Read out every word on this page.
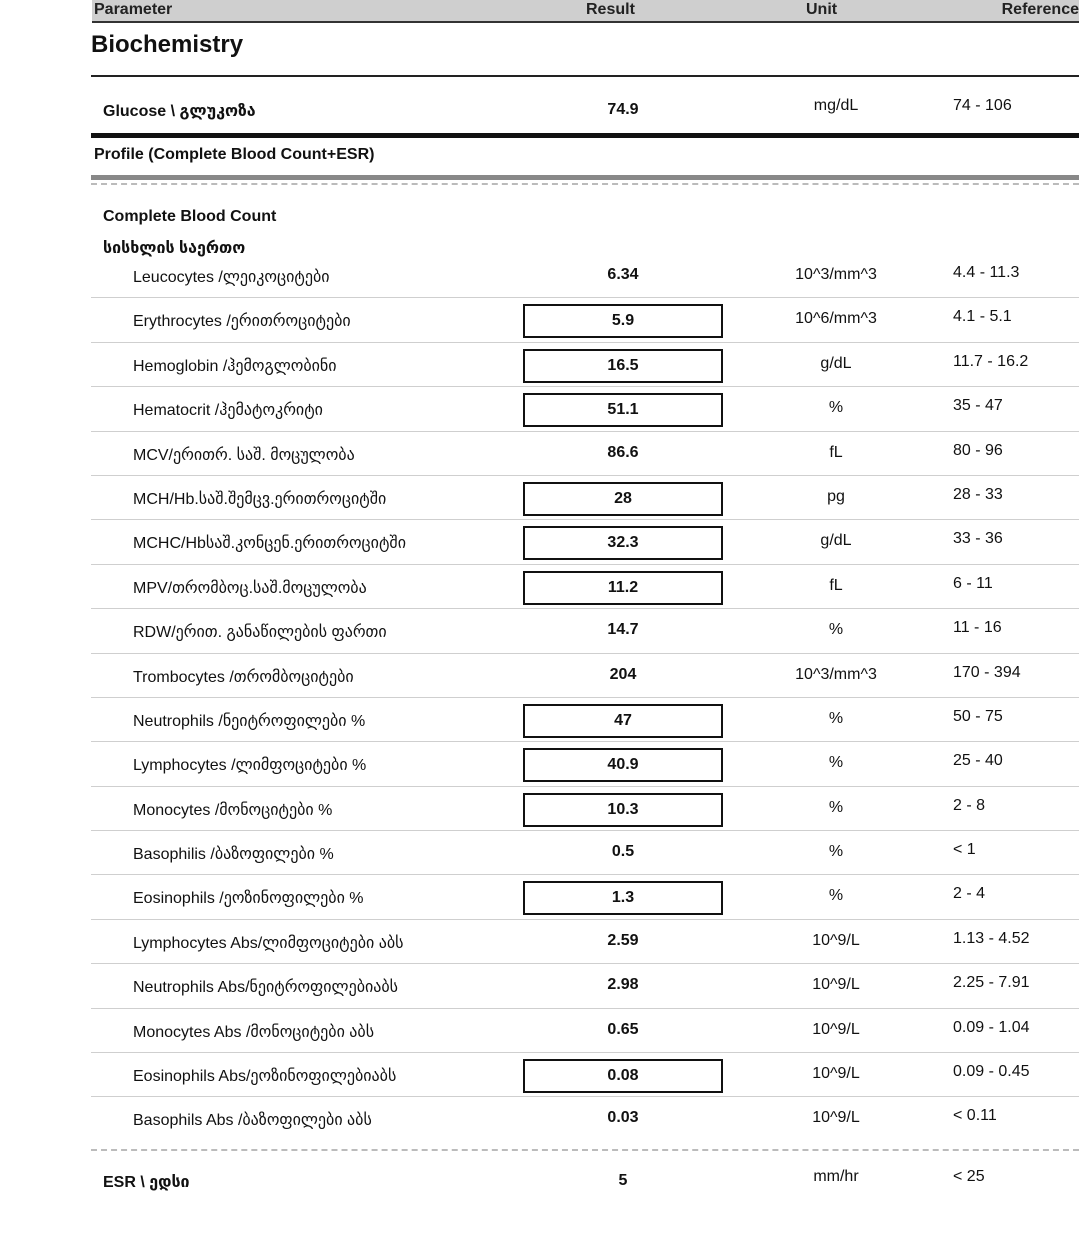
Parameter	Result	Unit	Reference
Biochemistry
Glucose \ გლუკოზა	74.9	mg/dL	74 - 106
Profile (Complete Blood Count+ESR)
Complete Blood Count
სისხლის საერთო
Leucocytes /ლეიკოციტები	6.34	10^3/mm^3	4.4 - 11.3
Erythrocytes /ერითროციტები	5.9	10^6/mm^3	4.1 - 5.1
Hemoglobin /ჰემოგლობინი	16.5	g/dL	11.7 - 16.2
Hematocrit /ჰემატოკრიტი	51.1	%	35 - 47
MCV/ერითრ. საშ. მოცულობა	86.6	fL	80 - 96
MCH/Hb.საშ.შემცვ.ერითროციტში	28	pg	28 - 33
MCHC/Hbსაშ.კონცენ.ერითროციტში	32.3	g/dL	33 - 36
MPV/თრომბოც.საშ.მოცულობა	11.2	fL	6 - 11
RDW/ერით. განაწილების ფართი	14.7	%	11 - 16
Trombocytes /თრომბოციტები	204	10^3/mm^3	170 - 394
Neutrophils /ნეიტროფილები %	47	%	50 - 75
Lymphocytes /ლიმფოციტები %	40.9	%	25 - 40
Monocytes /მონოციტები %	10.3	%	2 - 8
Basophilis /ბაზოფილები %	0.5	%	< 1
Eosinophils /ეოზინოფილები %	1.3	%	2 - 4
Lymphocytes Abs/ლიმფოციტები აბს	2.59	10^9/L	1.13 - 4.52
Neutrophils Abs/ნეიტროფილებიაბს	2.98	10^9/L	2.25 - 7.91
Monocytes Abs /მონოციტები აბს	0.65	10^9/L	0.09 - 1.04
Eosinophils Abs/ეოზინოფილებიაბს	0.08	10^9/L	0.09 - 0.45
Basophils Abs /ბაზოფილები აბს	0.03	10^9/L	< 0.11
ESR \ ედსი	5	mm/hr	< 25
